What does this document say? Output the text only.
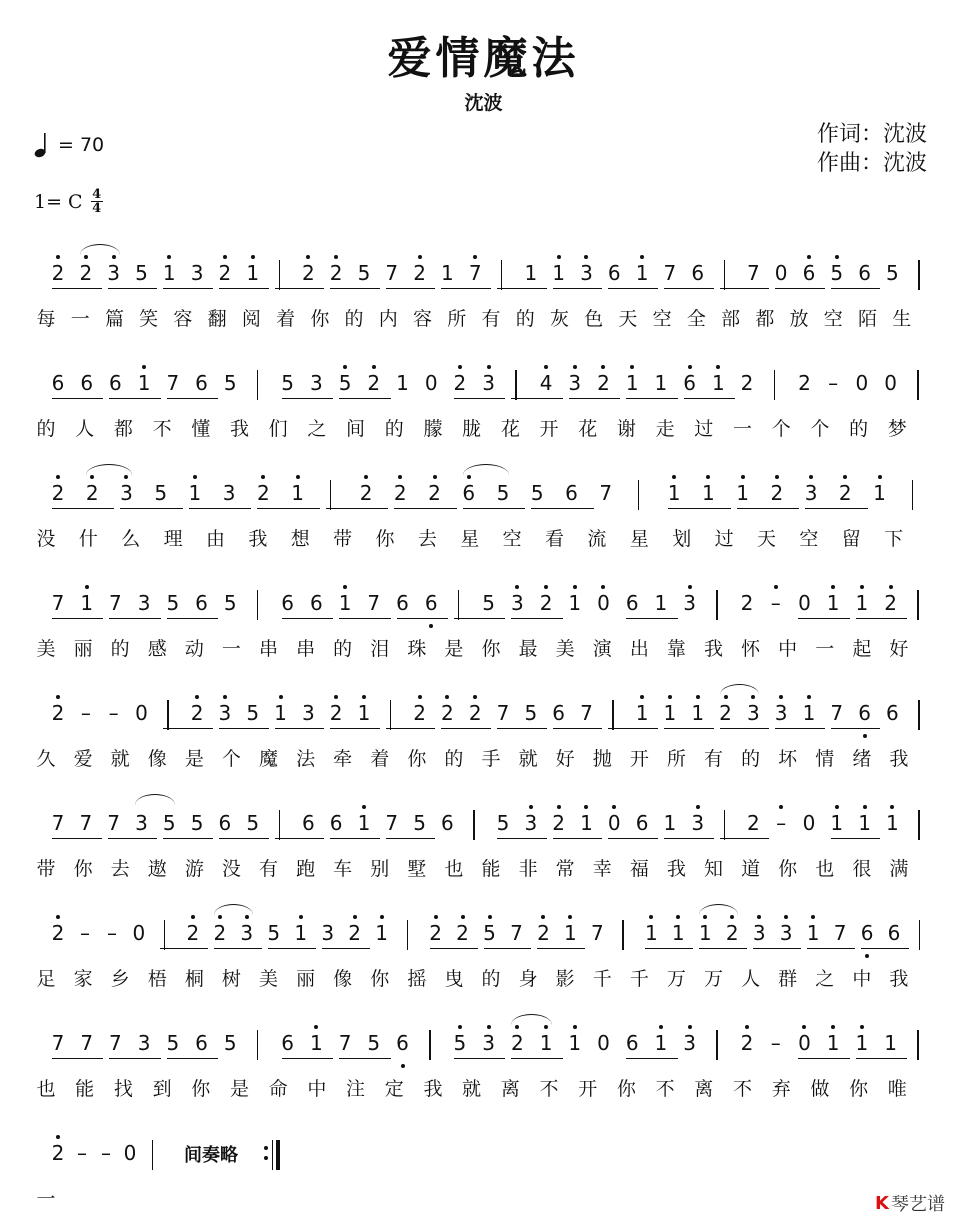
爱情魔法
沈波
作词：沈波
作曲：沈波
= 70
1= C 4
4
2 2 3 5 1 3 2 1 2 2 5 7 2 1 7 1 1 3 6 1 7 6 7 0 6 5 6 5
每 一 篇 笑 容 翻 阅 着 你 的 内 容 所 有 的 灰 色 天 空 全 部 都 放 空 陌 生
6 6 6 1 7 6 5 5 3 5 2 1 0 2 3 4 3 2 1 1 6 1 2 2 – 0 0
的 人 都 不 懂 我 们 之 间 的 朦 胧 花 开 花 谢 走 过 一 个 个 的 梦
2 2 3 5 1 3 2 1	2 2 2 6 5 5 6 7	1 1 1 2 3 2 1
没 什 么 理 由 我 想 带 你 去 星 空 看 流 星 划 过 天 空 留 下
7 1 7 3 5 6 5 6 6 1 7 6 6 5 3 2 1 0 6 1 3 2 – 0 1 1 2
美 丽 的 感 动 一 串 串 的 泪 珠 是 你 最 美 演 出 靠 我 怀 中 一 起 好
2 – – 0 2 3 5 1 3 2 1 2 2 2 7 5 6 7 1 1 1 2 3 3 1 7 6 6
久 爱 就 像 是 个 魔 法 牵 着 你 的 手 就 好 抛 开 所 有 的 坏 情 绪 我
7 7 7 3 5 5 6 5 6 6 1 7 5 6 5 3 2 1 0 6 1 3 2 – 0 1 1 1
带 你 去 遨 游 没 有 跑 车 别 墅 也 能 非 常 幸 福 我 知 道 你 也 很 满
2 – – 0 2 2 3 5 1 3 2 1 2 2 5 7 2 1 7 1 1 1 2 3 3 1 7 6 6
足 家 乡 梧 桐 树 美 丽 像 你 摇 曳 的 身 影 千 千 万 万 人 群 之 中 我
7 7 7 3 5 6 5 6 1 7 5 6 5 3 2 1 1 0 6 1 3 2 – 0 1 1 1
也 能 找 到 你 是 命 中 注 定 我 就 离 不 开 你 不 离 不 弃 做 你 唯
2 – – 0	间奏略
一	K 琴艺谱
